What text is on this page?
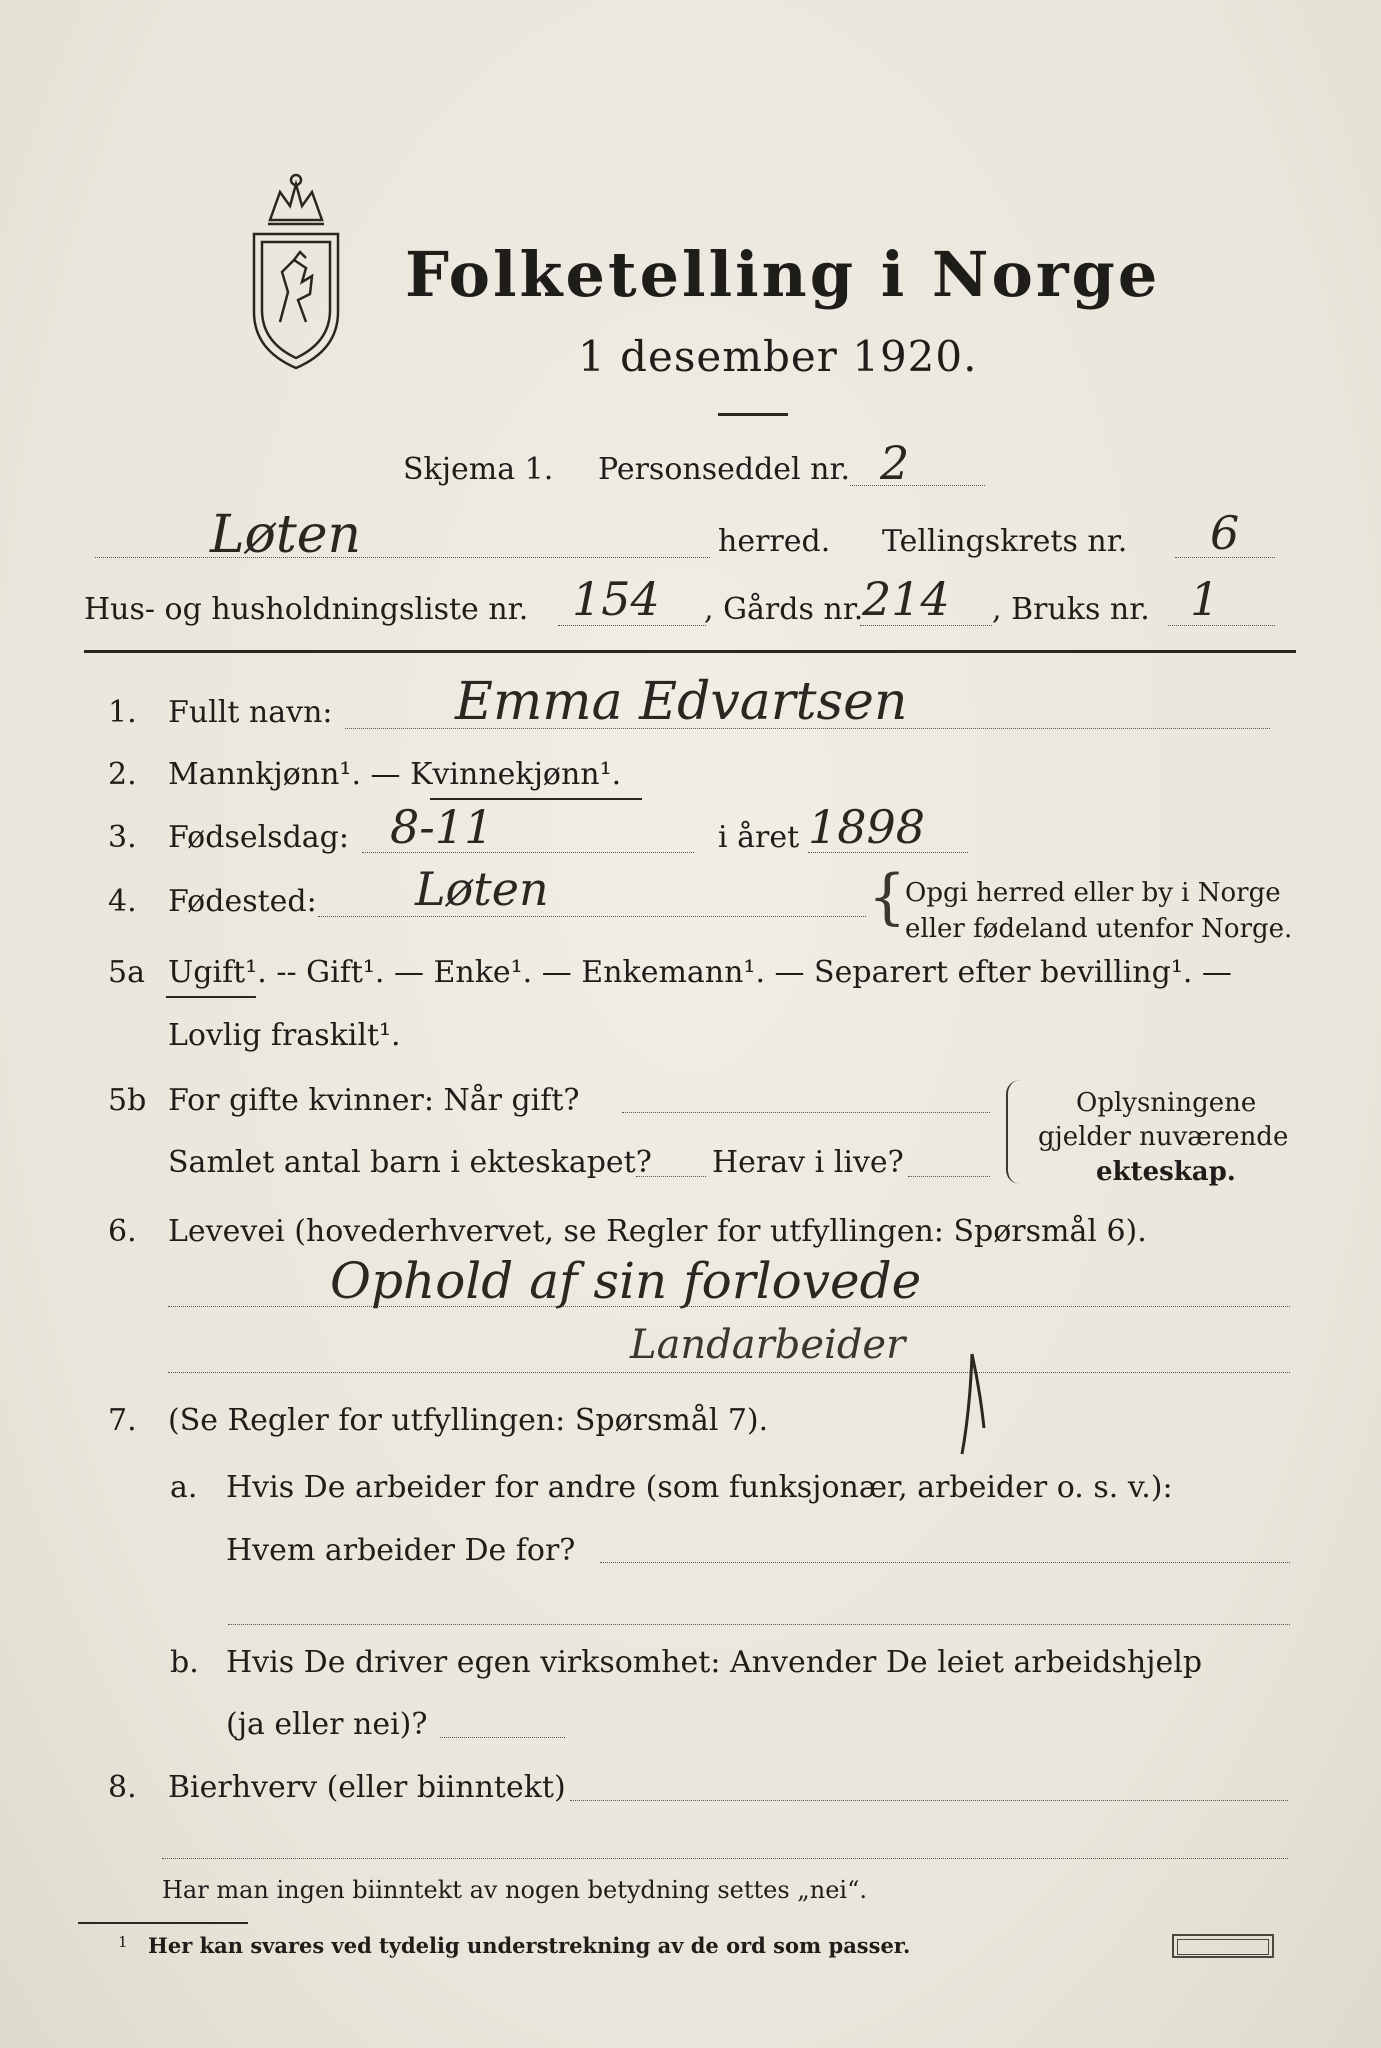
Folketelling i Norge
1 desember 1920.
Skjema 1. Personseddel nr. 2
Løten	herred. Tellingskrets nr. 6
Hus- og husholdningsliste nr. 154 , Gårds nr.
214 , Bruks nr. 1
1. Fullt navn: Emma Edvartsen
2. Mannkjønn¹. — Kvinnekjønn¹.
3. Fødselsdag: 8-11	i året 1898
4. Fødested: Løten	{
Opgi herred eller by i Norge
eller fødeland utenfor Norge.
5a Ugift¹. -- Gift¹. — Enke¹. — Enkemann¹. — Separert efter bevilling¹. —
Lovlig fraskilt¹.
5b For gifte kvinner: Når gift?
Samlet antal barn i ekteskapet? Herav i live?
Oplysningene
gjelder nuværende
ekteskap.
6. Levevei (hovederhvervet, se Regler for utfyllingen: Spørsmål 6).
Ophold af sin forlovede
Landarbeider
7. (Se Regler for utfyllingen: Spørsmål 7).
a. Hvis De arbeider for andre (som funksjonær, arbeider o. s. v.):
Hvem arbeider De for?
b. Hvis De driver egen virksomhet: Anvender De leiet arbeidshjelp
(ja eller nei)?
8. Bierhverv (eller biinntekt)
Har man ingen biinntekt av nogen betydning settes „nei“.
1 Her kan svares ved tydelig understrekning av de ord som passer.
